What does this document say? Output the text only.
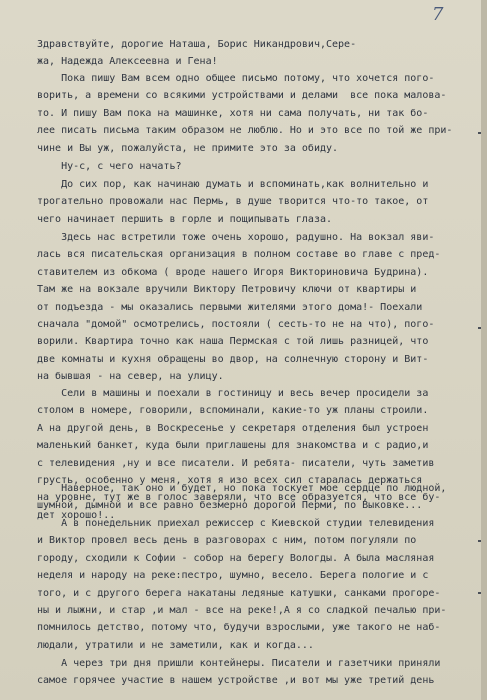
7
Здравствуйте, дорогие Наташа, Борис Никандрович,Сере-
жа, Надежда Алексеевна и Гена!

Пока пишу Вам всем одно общее письмо потому, что хочется пого-
ворить, а времени со всякими устройствами и делами  все пока малова-
то. И пишу Вам пока на машинке, хотя ни сама получать, ни так бо-
лее писать письма таким образом не люблю. Но и это все по той же при-
чине и Вы уж, пожалуйста, не примите это за обиду.

Ну-с, с чего начать?

До сих пор, как начинаю думать и вспоминать,как волнительно и
трогательно провожали нас Пермь, в душе творится что-то такое, от
чего начинает першить в горле и пощипывать глаза.

Здесь нас встретили тоже очень хорошо, радушно. На вокзал яви-
лась вся писательская организация в полном составе во главе с пред-
ставителем из обкома ( вроде нашего Игоря Викториновича Будрина).
Там же на вокзале вручили Виктору Петровичу ключи от квартиры и
от подъезда - мы оказались первыми жителями этого дома!- Поехали
сначала "домой" осмотрелись, постояли ( сесть-то не на что), пого-
ворили. Квартира точно как наша Пермская с той лишь разницей, что
две комнаты и кухня обращены во двор, на солнечную сторону и Вит-
на бывшая - на север, на улицу.

Сели в машины и поехали в гостиницу и весь вечер просидели за
столом в номере, говорили, вспоминали, какие-то уж планы строили.
А на другой день, в Воскресенье у секретаря отделения был устроен
маленький банкет, куда были приглашены для знакомства и с радио,и
с телевидения ,ну и все писатели. И ребята- писатели, чуть заметив
грусть, особенно у меня, хотя я изо всех сил старалась держаться
на уровне, тут же в голос заверяли, что все образуется, что все бу-
дет хорошо!..

Наверное, так оно и будет, но пока тоскует мое сердце по людной,
шумной, дымной и все равно безмерно дорогой Перми, по Выковке...

А в понедельник приехал режиссер с Киевской студии телевидения
и Виктор провел весь день в разговорах с ним, потом погуляли по
городу, сходили к Софии - собор на берегу Вологды. А была масляная
неделя и народу на реке:пестро, шумно, весело. Берега пологие и с
того, и с другого берега накатаны ледяные катушки, санками прогоре-
ны и лыжни, и стар ,и мал - все на реке!,А я со сладкой печалью при-
помнилось детство, потому что, будучи взрослыми, уже такого не наб-
людали, утратили и не заметили, как и когда...

А через три дня пришли контейнеры. Писатели и газетчики приняли
самое горячее участие в нашем устройстве ,и вот мы уже третий день
